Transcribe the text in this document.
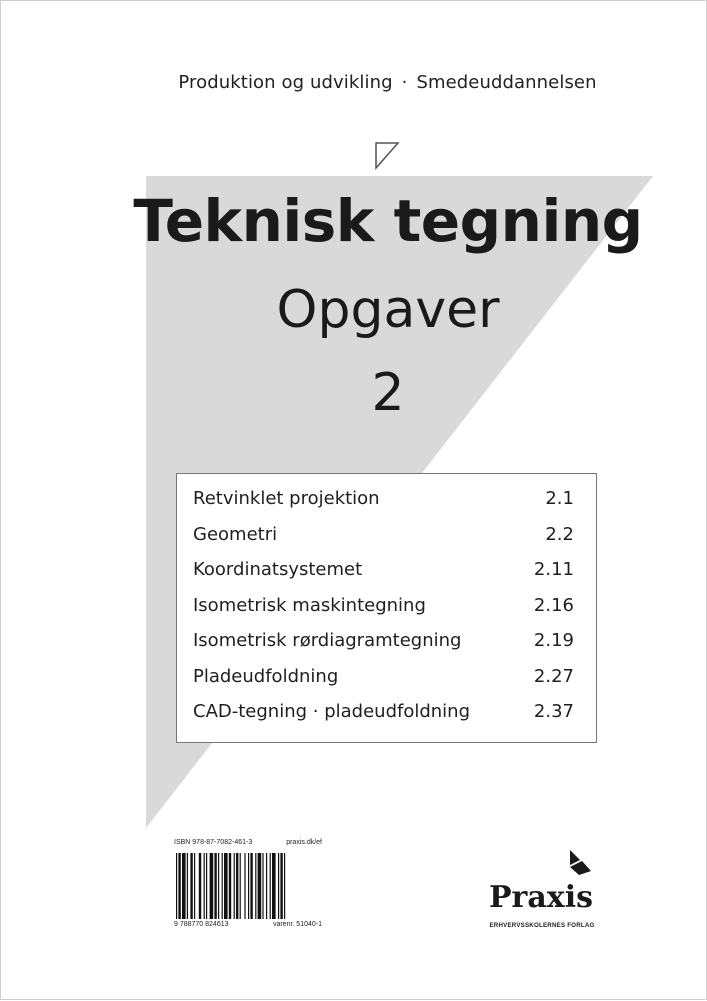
Produktion og udvikling · Smedeuddannelsen
Teknisk tegning
Opgaver
2
Retvinklet projektion	2.1
Geometri	2.2
Koordinatsystemet	2.11
Isometrisk maskintegning	2.16
Isometrisk rørdiagramtegning	2.19
Pladeudfoldning	2.27
CAD-tegning · pladeudfoldning	2.37
ISBN 978-87-7082-461-3	praxis.dk/ef
9 788770 824613	varenr. 51040-1
Praxis
ERHVERVSSKOLERNES FORLAG
